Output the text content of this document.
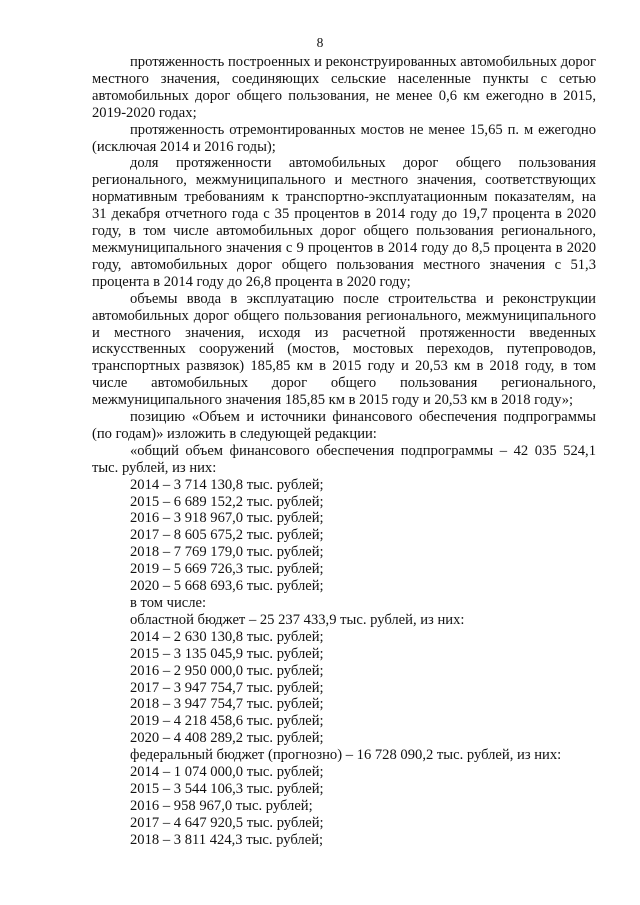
8

протяженность построенных и реконструированных автомобильных дорог местного значения, соединяющих сельские населенные пункты с сетью автомобильных дорог общего пользования, не менее 0,6 км ежегодно в 2015, 2019-2020 годах;

протяженность отремонтированных мостов не менее 15,65 п. м ежегодно (исключая 2014 и 2016 годы);

доля протяженности автомобильных дорог общего пользования регионального, межмуниципального и местного значения, соответствующих нормативным требованиям к транспортно-эксплуатационным показателям, на 31 декабря отчетного года с 35 процентов в 2014 году до 19,7 процента в 2020 году, в том числе автомобильных дорог общего пользования регионального, межмуниципального значения с 9 процентов в 2014 году до 8,5 процента в 2020 году, автомобильных дорог общего пользования местного значения с 51,3 процента в 2014 году до 26,8 процента в 2020 году;

объемы ввода в эксплуатацию после строительства и реконструкции автомобильных дорог общего пользования регионального, межмуниципального и местного значения, исходя из расчетной протяженности введенных искусственных сооружений (мостов, мостовых переходов, путепроводов, транспортных развязок) 185,85 км в 2015 году и 20,53 км в 2018 году, в том числе автомобильных дорог общего пользования регионального, межмуниципального значения 185,85 км в 2015 году и 20,53 км в 2018 году»;

позицию «Объем и источники финансового обеспечения подпрограммы (по годам)» изложить в следующей редакции:

«общий объем финансового обеспечения подпрограммы – 42 035 524,1 тыс. рублей, из них:

2014 – 3 714 130,8 тыс. рублей;

2015 – 6 689 152,2 тыс. рублей;

2016 – 3 918 967,0 тыс. рублей;

2017 – 8 605 675,2 тыс. рублей;

2018 – 7 769 179,0 тыс. рублей;

2019 – 5 669 726,3 тыс. рублей;

2020 – 5 668 693,6 тыс. рублей;

в том числе:

областной бюджет – 25 237 433,9 тыс. рублей, из них:

2014 – 2 630 130,8 тыс. рублей;

2015 – 3 135 045,9 тыс. рублей;

2016 – 2 950 000,0 тыс. рублей;

2017 – 3 947 754,7 тыс. рублей;

2018 – 3 947 754,7 тыс. рублей;

2019 – 4 218 458,6 тыс. рублей;

2020 – 4 408 289,2 тыс. рублей;

федеральный бюджет (прогнозно) – 16 728 090,2 тыс. рублей, из них:

2014 – 1 074 000,0 тыс. рублей;

2015 – 3 544 106,3 тыс. рублей;

2016 – 958 967,0 тыс. рублей;

2017 – 4 647 920,5 тыс. рублей;

2018 – 3 811 424,3 тыс. рублей;
